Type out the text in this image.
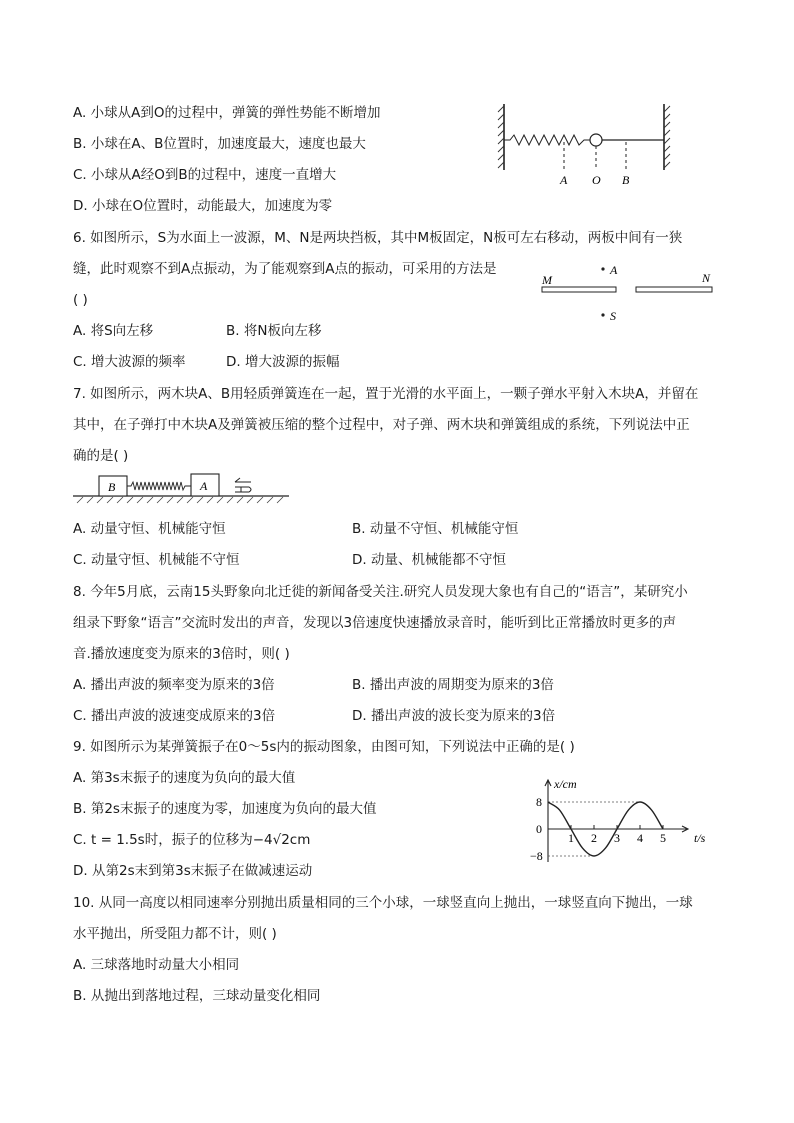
A. 小球从A到O的过程中，弹簧的弹性势能不断增加
B. 小球在A、B位置时，加速度最大，速度也最大
C. 小球从A经O到B的过程中，速度一直增大
D. 小球在O位置时，动能最大，加速度为零
A O B
6. 如图所示，S为水面上一波源，M、N是两块挡板，其中M板固定，N板可左右移动，两板中间有一狭
缝，此时观察不到A点振动，为了能观察到A点的振动，可采用的方法是
( )
A. 将S向左移	B. 将N板向左移
C. 增大波源的频率	D. 增大波源的振幅
M	N
A
S
7. 如图所示，两木块A、B用轻质弹簧连在一起，置于光滑的水平面上，一颗子弹水平射入木块A，并留在
其中，在子弹打中木块A及弹簧被压缩的整个过程中，对子弹、两木块和弹簧组成的系统，下列说法中正
确的是( )
B	A
A. 动量守恒、机械能守恒	B. 动量不守恒、机械能守恒
C. 动量守恒、机械能不守恒	D. 动量、机械能都不守恒
8. 今年5月底，云南15头野象向北迁徙的新闻备受关注.研究人员发现大象也有自己的“语言”，某研究小
组录下野象“语言”交流时发出的声音，发现以3倍速度快速播放录音时，能听到比正常播放时更多的声
音.播放速度变为原来的3倍时，则( )
A. 播出声波的频率变为原来的3倍	B. 播出声波的周期变为原来的3倍
C. 播出声波的波速变成原来的3倍	D. 播出声波的波长变为原来的3倍
9. 如图所示为某弹簧振子在0～5s内的振动图象，由图可知，下列说法中正确的是( )
A. 第3s末振子的速度为负向的最大值
B. 第2s末振子的速度为零，加速度为负向的最大值
C. t = 1.5s时，振子的位移为−4√2cm
D. 从第2s末到第3s末振子在做减速运动
x/cm
t/s
1 2 3 4 5
8
0
−8
10. 从同一高度以相同速率分别抛出质量相同的三个小球，一球竖直向上抛出，一球竖直向下抛出，一球
水平抛出，所受阻力都不计，则( )
A. 三球落地时动量大小相同
B. 从抛出到落地过程，三球动量变化相同
